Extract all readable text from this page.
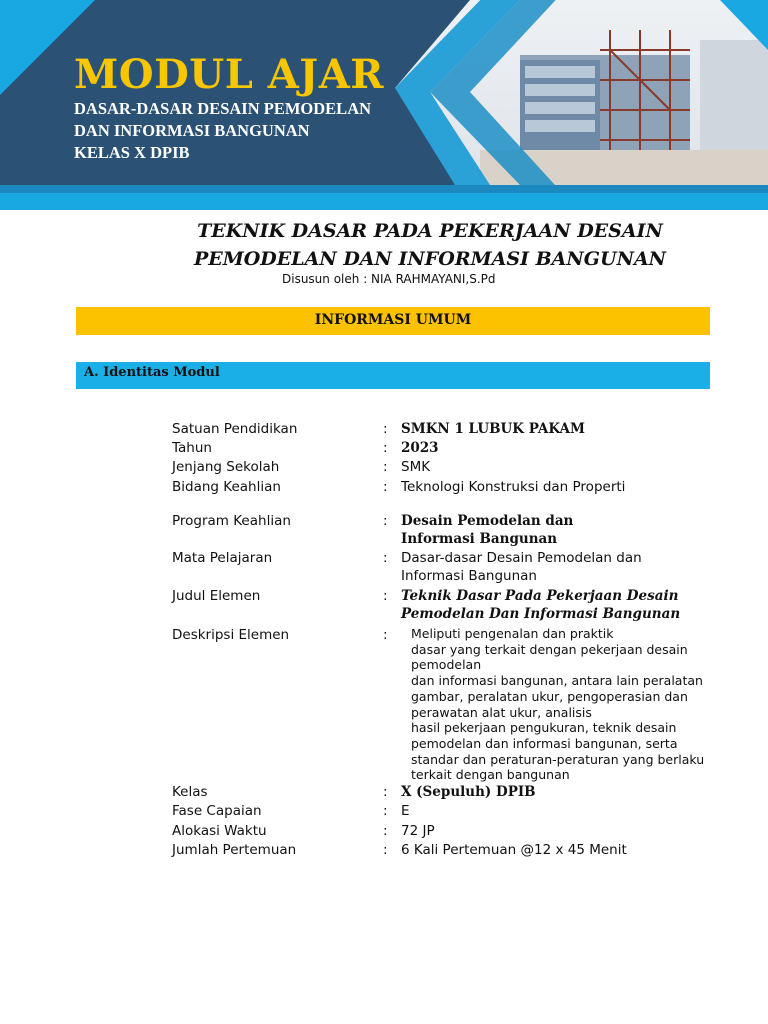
MODUL AJAR
DASAR-DASAR DESAIN PEMODELAN
DAN INFORMASI BANGUNAN
KELAS X DPIB
TEKNIK DASAR PADA PEKERJAAN DESAIN
PEMODELAN DAN INFORMASI BANGUNAN
Disusun oleh : NIA RAHMAYANI,S.Pd
INFORMASI UMUM
A. Identitas Modul
Satuan Pendidikan	: SMKN 1 LUBUK PAKAM
Tahun	: 2023
Jenjang Sekolah	: SMK
Bidang Keahlian	: Teknologi Konstruksi dan Properti
Program Keahlian	: Desain Pemodelan dan
Informasi Bangunan
Mata Pelajaran	: Dasar-dasar Desain Pemodelan dan
Informasi Bangunan
Judul Elemen	: Teknik Dasar Pada Pekerjaan Desain
Pemodelan Dan Informasi Bangunan
Deskripsi Elemen	: Meliputi pengenalan dan praktik
dasar yang terkait dengan pekerjaan desain
pemodelan
dan informasi bangunan, antara lain peralatan
gambar, peralatan ukur, pengoperasian dan
perawatan alat ukur, analisis
hasil pekerjaan pengukuran, teknik desain
pemodelan dan informasi bangunan, serta
standar dan peraturan-peraturan yang berlaku
terkait dengan bangunan
Kelas	: X (Sepuluh) DPIB
Fase Capaian	: E
Alokasi Waktu	: 72 JP
Jumlah Pertemuan	: 6 Kali Pertemuan @12 x 45 Menit
